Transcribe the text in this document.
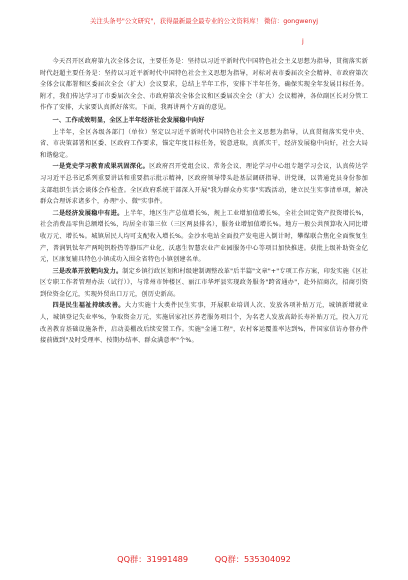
关注头条号"公文研究"，获得最新最全最专业的公文资料库！ 微信：gongwenyj

j

今天召开区政府第九次全体会议，主要任务是：坚持以习近平新时代中国特色社会主义思想为指导，贯彻落实新时代赶超主要任务是：坚持以习近平新时代中国特色社会主义思想为指导，对标对表市委届次全会精神、市政府第次全体会议都署和区委届次全会（扩大）会议要求，总结上半年工作，安排下半年任务，确保实现全年发展目标任务。附才，我们传达学习了市委届次全会、市政府第次全体会议和区委届次全会（扩大）会议精神，各位副区长对分管工作作了安排，大家要认真抓好落实。下面，我再讲两个方面的意见。

一、工作成效明显，全区上半年经济社会发展稳中向好

上半年，全区各级各部门（单位）坚定以习近平新时代中国特色社会主义思想为指导，认真贯彻落实党中央、省、市决策部署和区委、区政府工作要求，锚定年度目标任务，锐意进取，真抓实干，经济发展稳中向好，社会大局和谐稳定。

一是党史学习教育成果巩固深化。区政府召开党组会议、常务会议、理论学习中心组专题学习会议，认真传达学习习近平总书记系列重要讲话和重要指示批示精神，区政府领导带头赴基层调研指导、讲党课，以普通党员身份参加支部组织生活会谈体会作检查。全区政府系统干部深入开展"我为群众办实事"实践活动，建立民生实事清单项，解决群众合理诉求诸多个，办理"小、微"实事件。

二是经济发展稳中有进。上半年，地区生产总值增长%，规上工业增加值增长%，全社会固定资产投资增长%，社会消费品零售总额增长%，均居全市第三位（三区两县排名），服务业增加值增长%。地方一般公共预算收入同比增收万元、增长%。城镇居民人均可支配收入增长%。金沙水电站全面投产发电进入倒计时，攀煤联合焦化全面恢复生产，普润钒钛年产两吨钒粉热等静压产业化、沃惠生智慧农业产业园服务中心等项目加快推进。获批上级补助资金亿元，区康复辅具特色小镇成功入围全省特色小镇创建名单。

三是改革开放靶向发力。制定乡镇行政区划和村级建制调整改革"后半篇"文章"+"专项工作方案，印发实施《区社区专职工作者管理办法（试行）》，与常州市钟楼区、丽江市华坪县实现政务服务"跨省通办"，赴外招商次，招商引资到位资金亿元，实现外贸出口万元，创历史新高。

四是民生福祉持续改善。大力实施十大类件民生实事，开展职业培训人次、发放各项补贴万元，城镇新增就业人，城镇登记失业率%，争取资金万元，实施居家社区养老服务项目个，为名老人发放高龄长寿补贴万元，投入万元改善教育基础设施条件，启动姜棚改后续安置工作。实施"金通工程"，农村客运覆盖率达到%，件国家信访办督办件接前做到"及时受理率、按期办结率、群众满意率"个%。

QQ群：31991489	QQ群：535304092
